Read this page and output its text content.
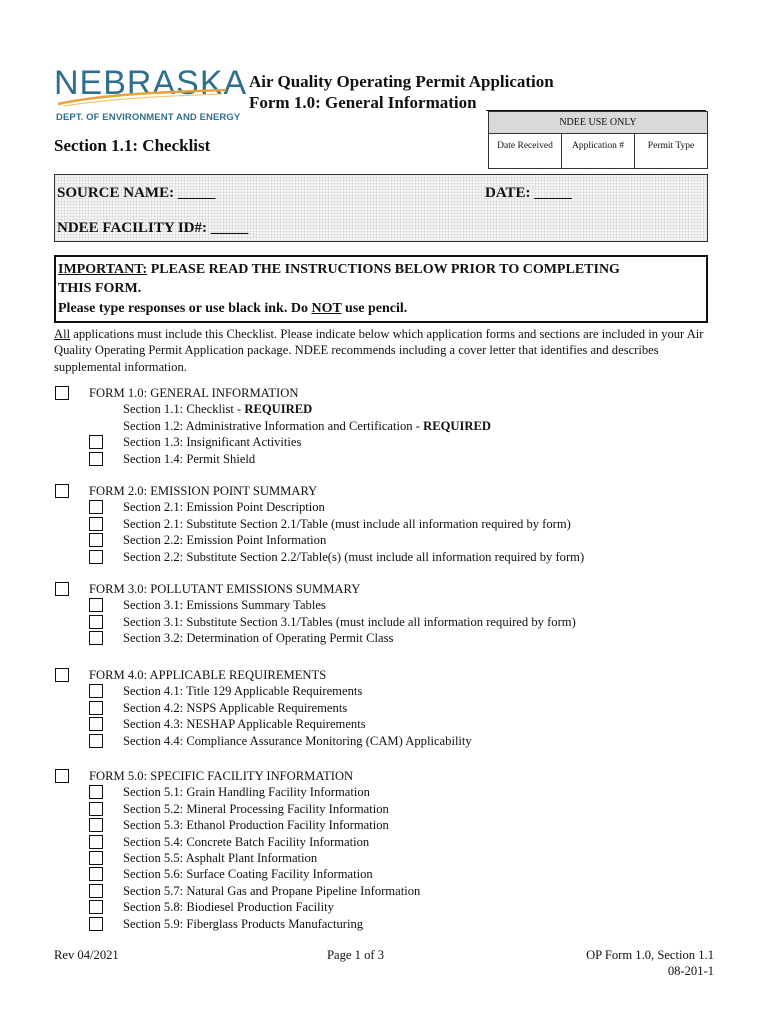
NEBRASKA
DEPT. OF ENVIRONMENT AND ENERGY
Air Quality Operating Permit Application
Form 1.0: General Information
Section 1.1: Checklist
NDEE USE ONLY
Date Received	Application #	Permit Type
SOURCE NAME: _____	DATE: _____
NDEE FACILITY ID#: _____
IMPORTANT: PLEASE READ THE INSTRUCTIONS BELOW PRIOR TO COMPLETING
THIS FORM.
Please type responses or use black ink. Do NOT use pencil.
All applications must include this Checklist. Please indicate below which application forms and sections are included in your Air Quality Operating Permit Application package. NDEE recommends including a cover letter that identifies and describes supplemental information.
FORM 1.0: GENERAL INFORMATION
Section 1.1: Checklist - REQUIRED
Section 1.2: Administrative Information and Certification - REQUIRED
Section 1.3: Insignificant Activities
Section 1.4: Permit Shield
FORM 2.0: EMISSION POINT SUMMARY
Section 2.1: Emission Point Description
Section 2.1: Substitute Section 2.1/Table (must include all information required by form)
Section 2.2: Emission Point Information
Section 2.2: Substitute Section 2.2/Table(s) (must include all information required by form)
FORM 3.0: POLLUTANT EMISSIONS SUMMARY
Section 3.1: Emissions Summary Tables
Section 3.1: Substitute Section 3.1/Tables (must include all information required by form)
Section 3.2: Determination of Operating Permit Class
FORM 4.0: APPLICABLE REQUIREMENTS
Section 4.1: Title 129 Applicable Requirements
Section 4.2: NSPS Applicable Requirements
Section 4.3: NESHAP Applicable Requirements
Section 4.4: Compliance Assurance Monitoring (CAM) Applicability
FORM 5.0: SPECIFIC FACILITY INFORMATION
Section 5.1: Grain Handling Facility Information
Section 5.2: Mineral Processing Facility Information
Section 5.3: Ethanol Production Facility Information
Section 5.4: Concrete Batch Facility Information
Section 5.5: Asphalt Plant Information
Section 5.6: Surface Coating Facility Information
Section 5.7: Natural Gas and Propane Pipeline Information
Section 5.8: Biodiesel Production Facility
Section 5.9: Fiberglass Products Manufacturing
Rev 04/2021	Page 1 of 3	OP Form 1.0, Section 1.1
08-201-1
